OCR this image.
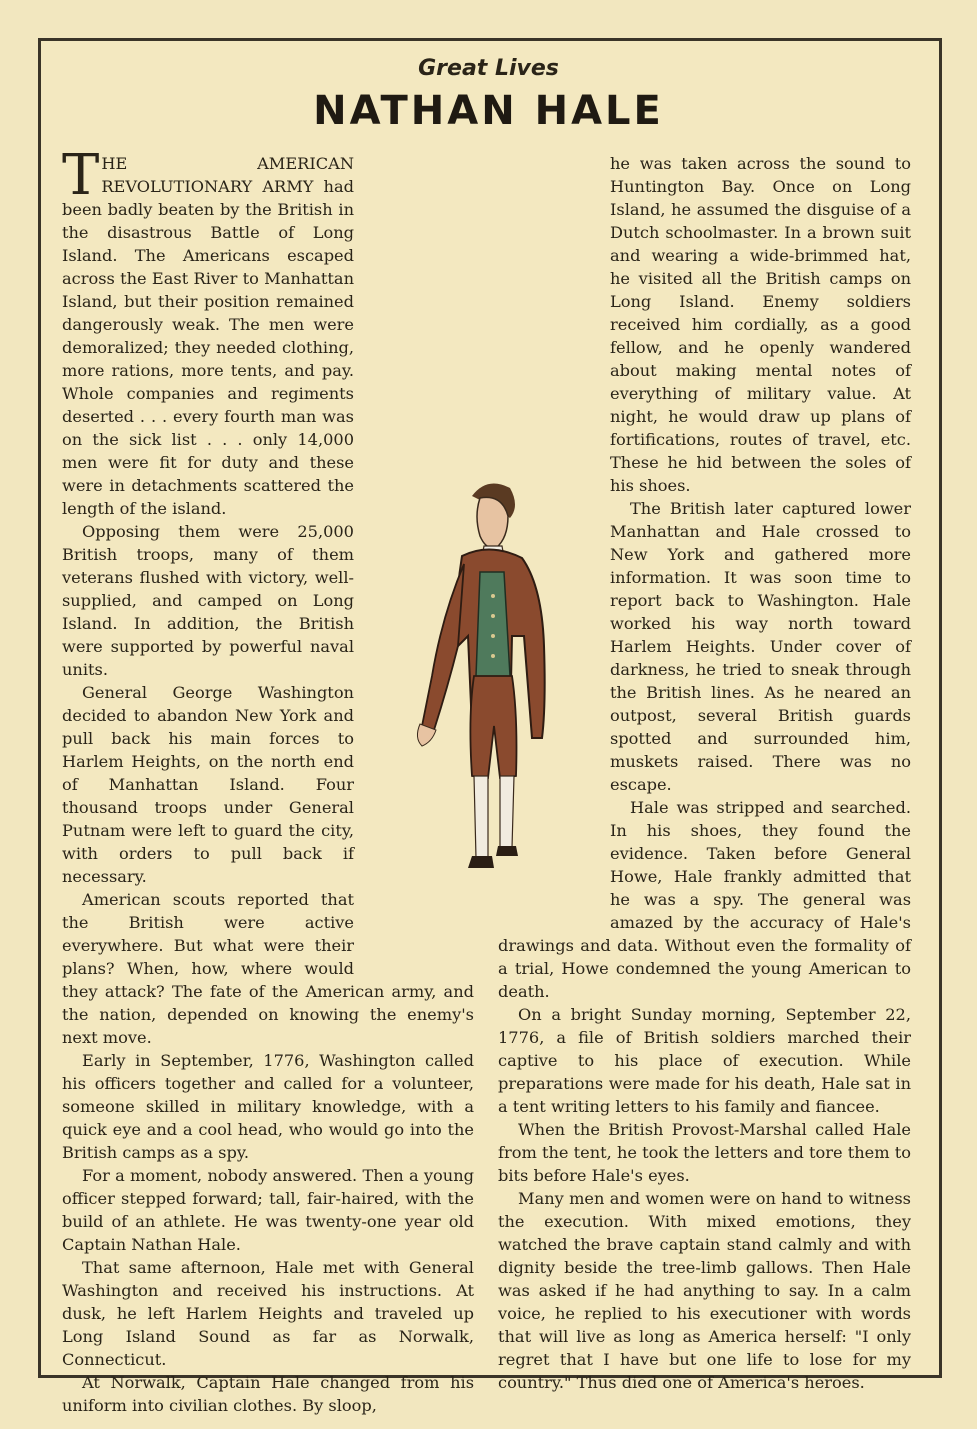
Great Lives
NATHAN HALE

THE AMERICAN REVOLUTIONARY ARMY had been badly beaten by the British in the disastrous Battle of Long Island. The Americans escaped across the East River to Manhattan Island, but their position remained dangerously weak. The men were demoralized; they needed clothing, more rations, more tents, and pay. Whole companies and regiments deserted . . . every fourth man was on the sick list . . . only 14,000 men were fit for duty and these were in detachments scattered the length of the island.

Opposing them were 25,000 British troops, many of them veterans flushed with victory, well-supplied, and camped on Long Island. In addition, the British were supported by powerful naval units.

General George Washington decided to abandon New York and pull back his main forces to Harlem Heights, on the north end of Manhattan Island. Four thousand troops under General Putnam were left to guard the city, with orders to pull back if necessary.

American scouts reported that the British were active everywhere. But what were their plans? When, how, where would they attack? The fate of the American army, and the nation, depended on knowing the enemy's next move.

Early in September, 1776, Washington called his officers together and called for a volunteer, someone skilled in military knowledge, with a quick eye and a cool head, who would go into the British camps as a spy.

For a moment, nobody answered. Then a young officer stepped forward; tall, fair-haired, with the build of an athlete. He was twenty-one year old Captain Nathan Hale.

That same afternoon, Hale met with General Washington and received his instructions. At dusk, he left Harlem Heights and traveled up Long Island Sound as far as Norwalk, Connecticut.

At Norwalk, Captain Hale changed from his uniform into civilian clothes. By sloop,

he was taken across the sound to Huntington Bay. Once on Long Island, he assumed the disguise of a Dutch schoolmaster. In a brown suit and wearing a wide-brimmed hat, he visited all the British camps on Long Island. Enemy soldiers received him cordially, as a good fellow, and he openly wandered about making mental notes of everything of military value. At night, he would draw up plans of fortifications, routes of travel, etc. These he hid between the soles of his shoes.

The British later captured lower Manhattan and Hale crossed to New York and gathered more information. It was soon time to report back to Washington. Hale worked his way north toward Harlem Heights. Under cover of darkness, he tried to sneak through the British lines. As he neared an outpost, several British guards spotted and surrounded him, muskets raised. There was no escape.

Hale was stripped and searched. In his shoes, they found the evidence. Taken before General Howe, Hale frankly admitted that he was a spy. The general was amazed by the accuracy of Hale's drawings and data. Without even the formality of a trial, Howe condemned the young American to death.

On a bright Sunday morning, September 22, 1776, a file of British soldiers marched their captive to his place of execution. While preparations were made for his death, Hale sat in a tent writing letters to his family and fiancee.

When the British Provost-Marshal called Hale from the tent, he took the letters and tore them to bits before Hale's eyes.

Many men and women were on hand to witness the execution. With mixed emotions, they watched the brave captain stand calmly and with dignity beside the tree-limb gallows. Then Hale was asked if he had anything to say. In a calm voice, he replied to his executioner with words that will live as long as America herself: "I only regret that I have but one life to lose for my country." Thus died one of America's heroes.
